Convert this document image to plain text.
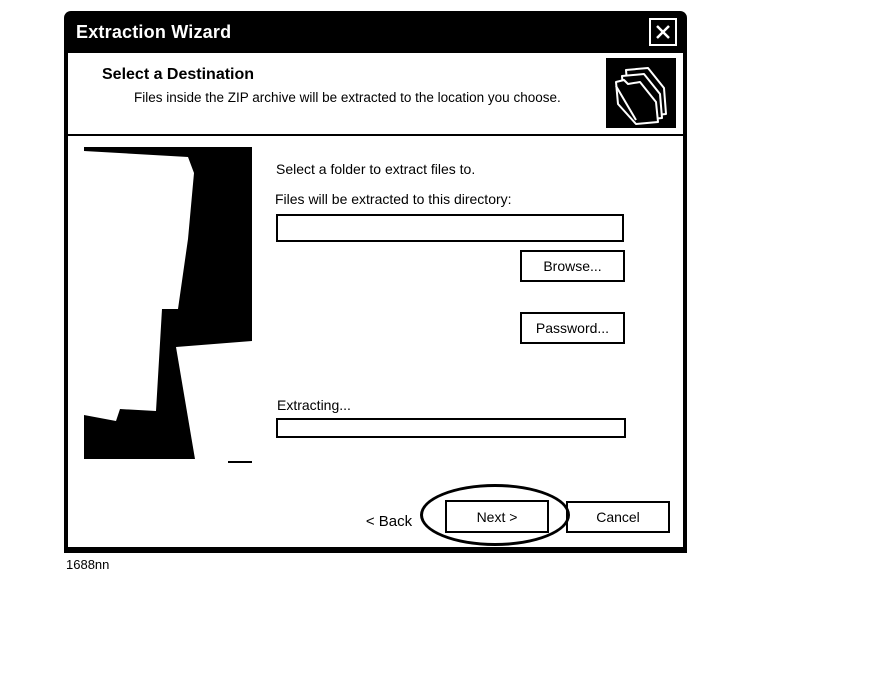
Extraction Wizard
Select a Destination
Files inside the ZIP archive will be extracted to the location you choose.
Select a folder to extract files to.
Files will be extracted to this directory:
Browse...
Password...
Extracting...
< Back	Next >	Cancel
1688nn
